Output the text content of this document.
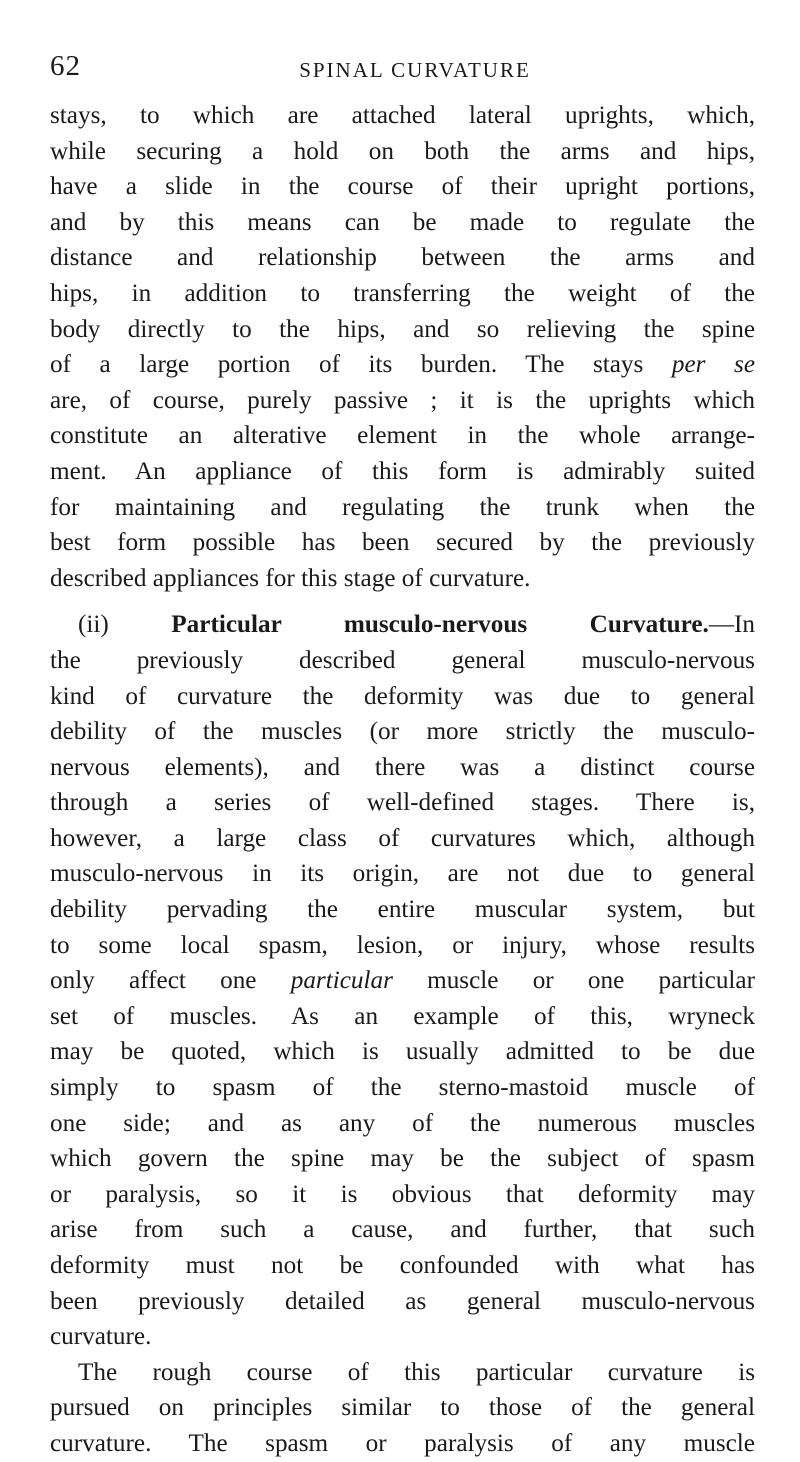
62	SPINAL CURVATURE
stays, to which are attached lateral uprights, which,
while securing a hold on both the arms and hips,
have a slide in the course of their upright portions,
and by this means can be made to regulate the
distance and relationship between the arms and
hips, in addition to transferring the weight of the
body directly to the hips, and so relieving the spine
of a large portion of its burden. The stays per se
are, of course, purely passive ; it is the uprights which
constitute an alterative element in the whole arrange-
ment. An appliance of this form is admirably suited
for maintaining and regulating the trunk when the
best form possible has been secured by the previously
described appliances for this stage of curvature.
(ii) Particular musculo-nervous Curvature.—In
the previously described general musculo-nervous
kind of curvature the deformity was due to general
debility of the muscles (or more strictly the musculo-
nervous elements), and there was a distinct course
through a series of well-defined stages. There is,
however, a large class of curvatures which, although
musculo-nervous in its origin, are not due to general
debility pervading the entire muscular system, but
to some local spasm, lesion, or injury, whose results
only affect one particular muscle or one particular
set of muscles. As an example of this, wryneck
may be quoted, which is usually admitted to be due
simply to spasm of the sterno-mastoid muscle of
one side; and as any of the numerous muscles
which govern the spine may be the subject of spasm
or paralysis, so it is obvious that deformity may
arise from such a cause, and further, that such
deformity must not be confounded with what has
been previously detailed as general musculo-nervous
curvature.
The rough course of this particular curvature is
pursued on principles similar to those of the general
curvature. The spasm or paralysis of any muscle
